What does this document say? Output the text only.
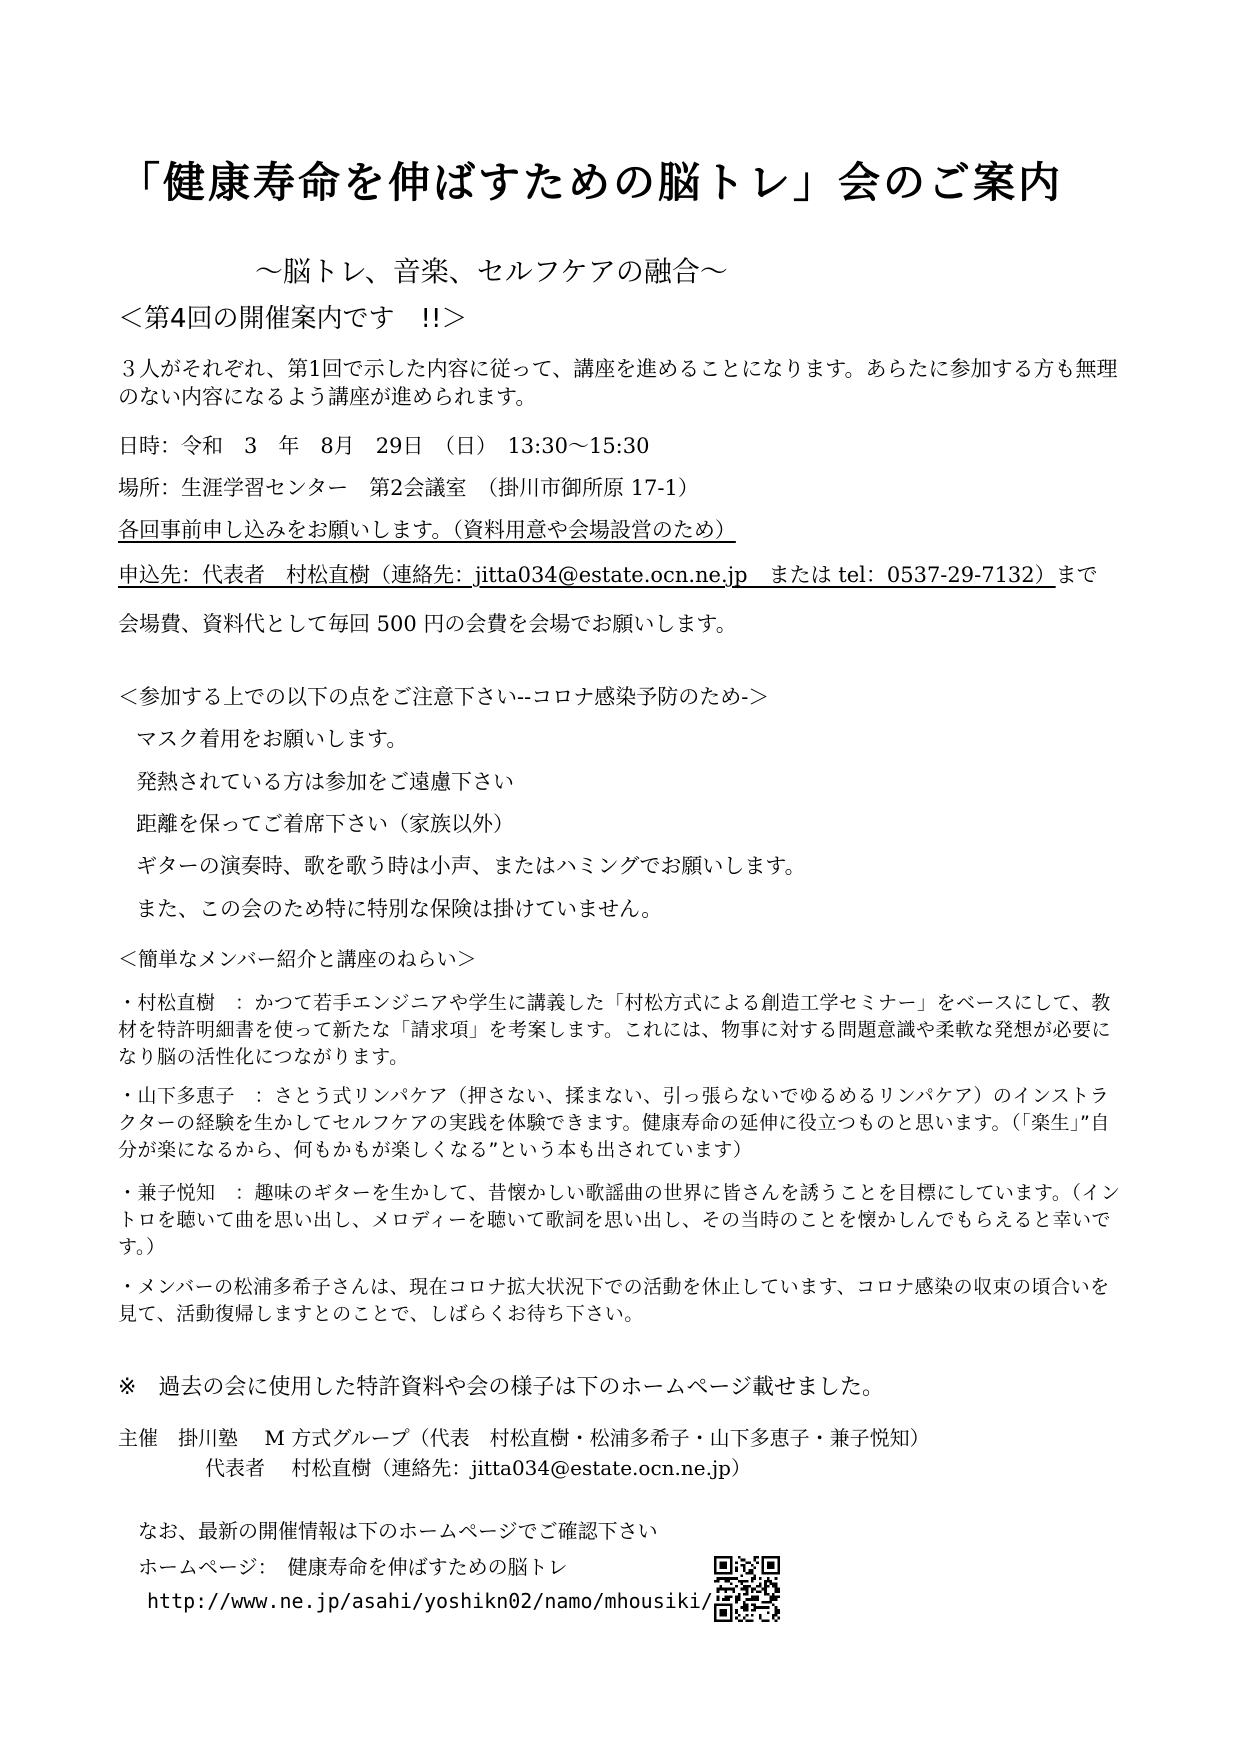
「健康寿命を伸ばすための脳トレ」会のご案内
〜脳トレ、音楽、セルフケアの融合〜
＜第4回の開催案内です　!!＞
３人がそれぞれ、第1回で示した内容に従って、講座を進めることになります。あらたに参加する方も無理のない内容になるよう講座が進められます。
日時：令和　3　年　8月　29日　（日）　13:30〜15:30
場所：生涯学習センター　第2会議室　（掛川市御所原 17-1）
各回事前申し込みをお願いします。（資料用意や会場設営のため）
申込先：代表者　村松直樹（連絡先：jitta034@estate.ocn.ne.jp　または tel：0537-29-7132）まで
会場費、資料代として毎回 500 円の会費を会場でお願いします。
＜参加する上での以下の点をご注意下さい--コロナ感染予防のため-＞
マスク着用をお願いします。
発熱されている方は参加をご遠慮下さい
距離を保ってご着席下さい（家族以外）
ギターの演奏時、歌を歌う時は小声、またはハミングでお願いします。
また、この会のため特に特別な保険は掛けていません。
＜簡単なメンバー紹介と講座のねらい＞
・村松直樹　：かつて若手エンジニアや学生に講義した「村松方式による創造工学セミナー」をベースにして、教材を特許明細書を使って新たな「請求項」を考案します。これには、物事に対する問題意識や柔軟な発想が必要になり脳の活性化につながります。
・山下多恵子　：さとう式リンパケア（押さない、揉まない、引っ張らないでゆるめるリンパケア）のインストラクターの経験を生かしてセルフケアの実践を体験できます。健康寿命の延伸に役立つものと思います。（「楽生」”自分が楽になるから、何もかもが楽しくなる”という本も出されています）
・兼子悦知　：趣味のギターを生かして、昔懐かしい歌謡曲の世界に皆さんを誘うことを目標にしています。（イントロを聴いて曲を思い出し、メロディーを聴いて歌詞を思い出し、その当時のことを懐かしんでもらえると幸いです。）
・メンバーの松浦多希子さんは、現在コロナ拡大状況下での活動を休止しています、コロナ感染の収束の頃合いを見て、活動復帰しますとのことで、しばらくお待ち下さい。
※　過去の会に使用した特許資料や会の様子は下のホームページ載せました。
主催　掛川塾　 M 方式グループ（代表　村松直樹・松浦多希子・山下多恵子・兼子悦知）
代表者　 村松直樹（連絡先：jitta034@estate.ocn.ne.jp）
なお、最新の開催情報は下のホームページでご確認下さい
ホームページ：　健康寿命を伸ばすための脳トレ
http://www.ne.jp/asahi/yoshikn02/namo/mhousiki/
